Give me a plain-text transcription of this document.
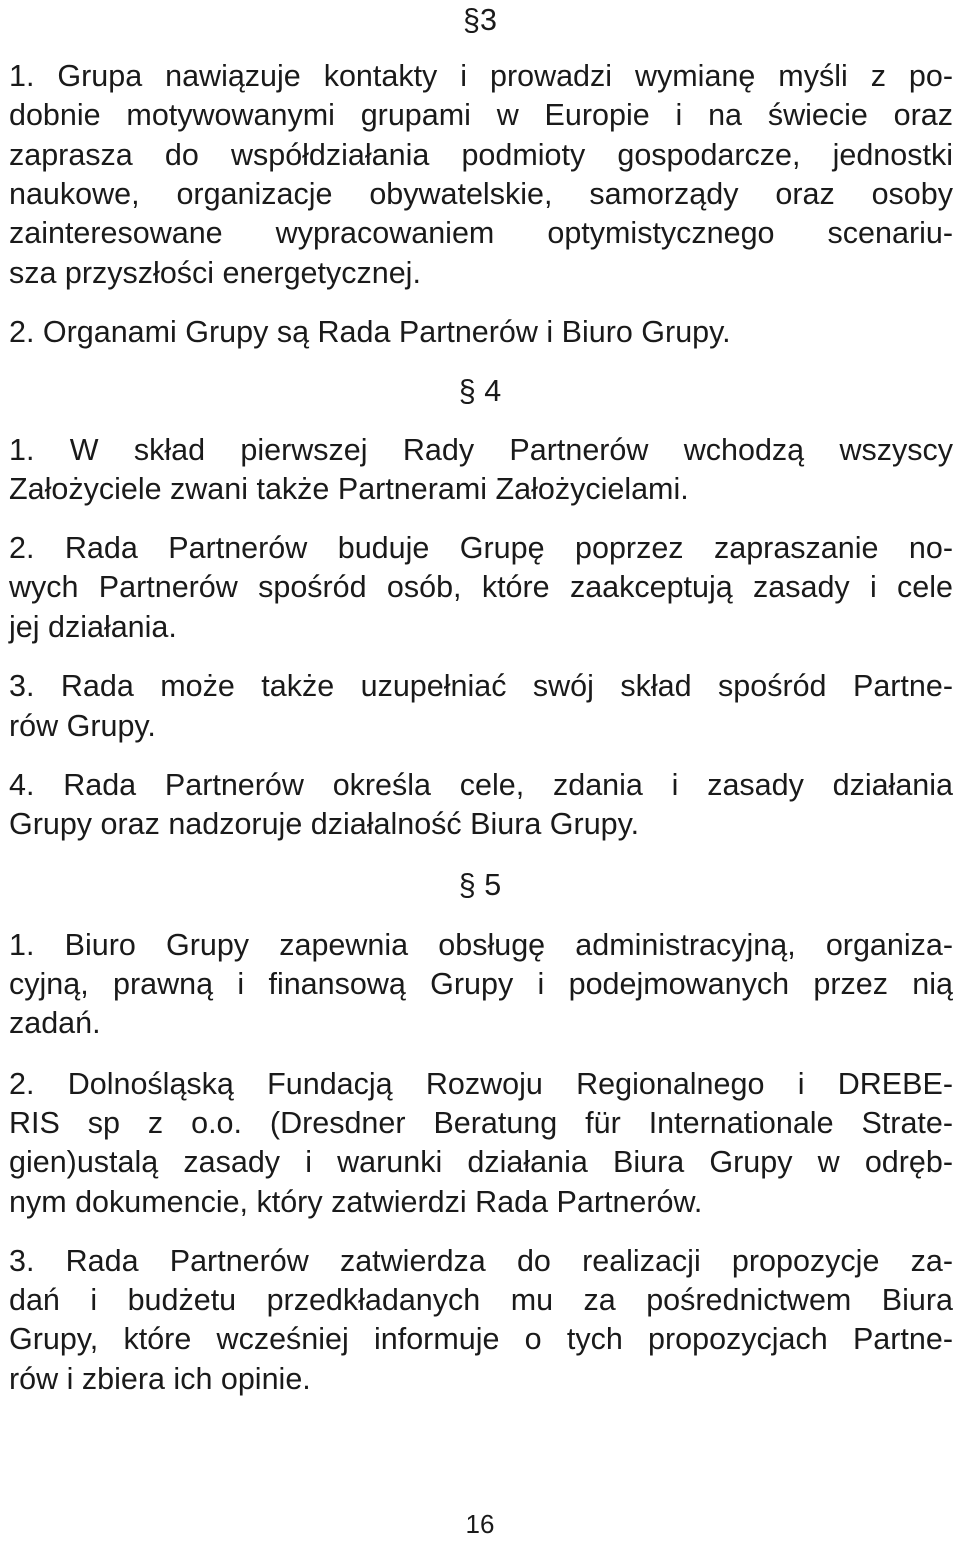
§3
1. Grupa nawiązuje kontakty i prowadzi wymianę myśli z po-
dobnie motywowanymi grupami w Europie i na świecie oraz
zaprasza do współdziałania podmioty gospodarcze, jednostki
naukowe, organizacje obywatelskie, samorządy oraz osoby
zainteresowane wypracowaniem optymistycznego scenariu-
sza przyszłości energetycznej.
2. Organami Grupy są Rada Partnerów i Biuro Grupy.
§ 4
1. W skład pierwszej Rady Partnerów wchodzą wszyscy
Założyciele zwani także Partnerami Założycielami.
2. Rada Partnerów buduje Grupę poprzez zapraszanie no-
wych Partnerów spośród osób, które zaakceptują zasady i cele
jej działania.
3. Rada może także uzupełniać swój skład spośród Partne-
rów Grupy.
4. Rada Partnerów określa cele, zdania i zasady działania
Grupy oraz nadzoruje działalność Biura Grupy.
§ 5
1. Biuro Grupy zapewnia obsługę administracyjną, organiza-
cyjną, prawną i finansową Grupy i podejmowanych przez nią
zadań.
2. Dolnośląską Fundacją Rozwoju Regionalnego i DREBE-
RIS sp z o.o. (Dresdner Beratung für Internationale Strate-
gien)ustalą zasady i warunki działania Biura Grupy w odręb-
nym dokumencie, który zatwierdzi Rada Partnerów.
3. Rada Partnerów zatwierdza do realizacji propozycje za-
dań i budżetu przedkładanych mu za pośrednictwem Biura
Grupy, które wcześniej informuje o tych propozycjach Partne-
rów i zbiera ich opinie.
16
